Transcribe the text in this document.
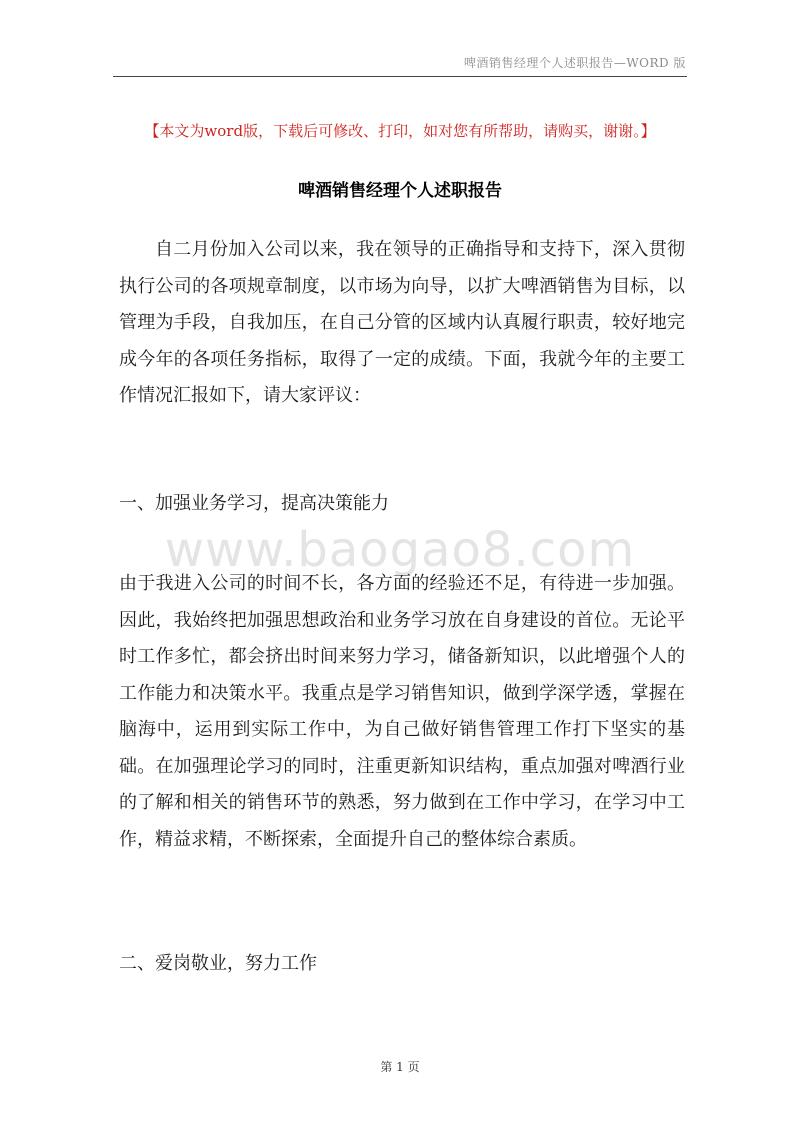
啤酒销售经理个人述职报告—WORD 版
【本文为word版，下载后可修改、打印，如对您有所帮助，请购买，谢谢。】
啤酒销售经理个人述职报告

自二月份加入公司以来，我在领导的正确指导和支持下，深入贯彻执行公司的各项规章制度，以市场为向导，以扩大啤酒销售为目标，以管理为手段，自我加压，在自己分管的区域内认真履行职责，较好地完成今年的各项任务指标，取得了一定的成绩。下面，我就今年的主要工作情况汇报如下，请大家评议：

一、加强业务学习，提高决策能力

www.baogao8.com

由于我进入公司的时间不长，各方面的经验还不足，有待进一步加强。因此，我始终把加强思想政治和业务学习放在自身建设的首位。无论平时工作多忙，都会挤出时间来努力学习，储备新知识，以此增强个人的工作能力和决策水平。我重点是学习销售知识，做到学深学透，掌握在脑海中，运用到实际工作中，为自己做好销售管理工作打下坚实的基础。在加强理论学习的同时，注重更新知识结构，重点加强对啤酒行业的了解和相关的销售环节的熟悉，努力做到在工作中学习，在学习中工作，精益求精，不断探索，全面提升自己的整体综合素质。

二、爱岗敬业，努力工作

第 1 页
